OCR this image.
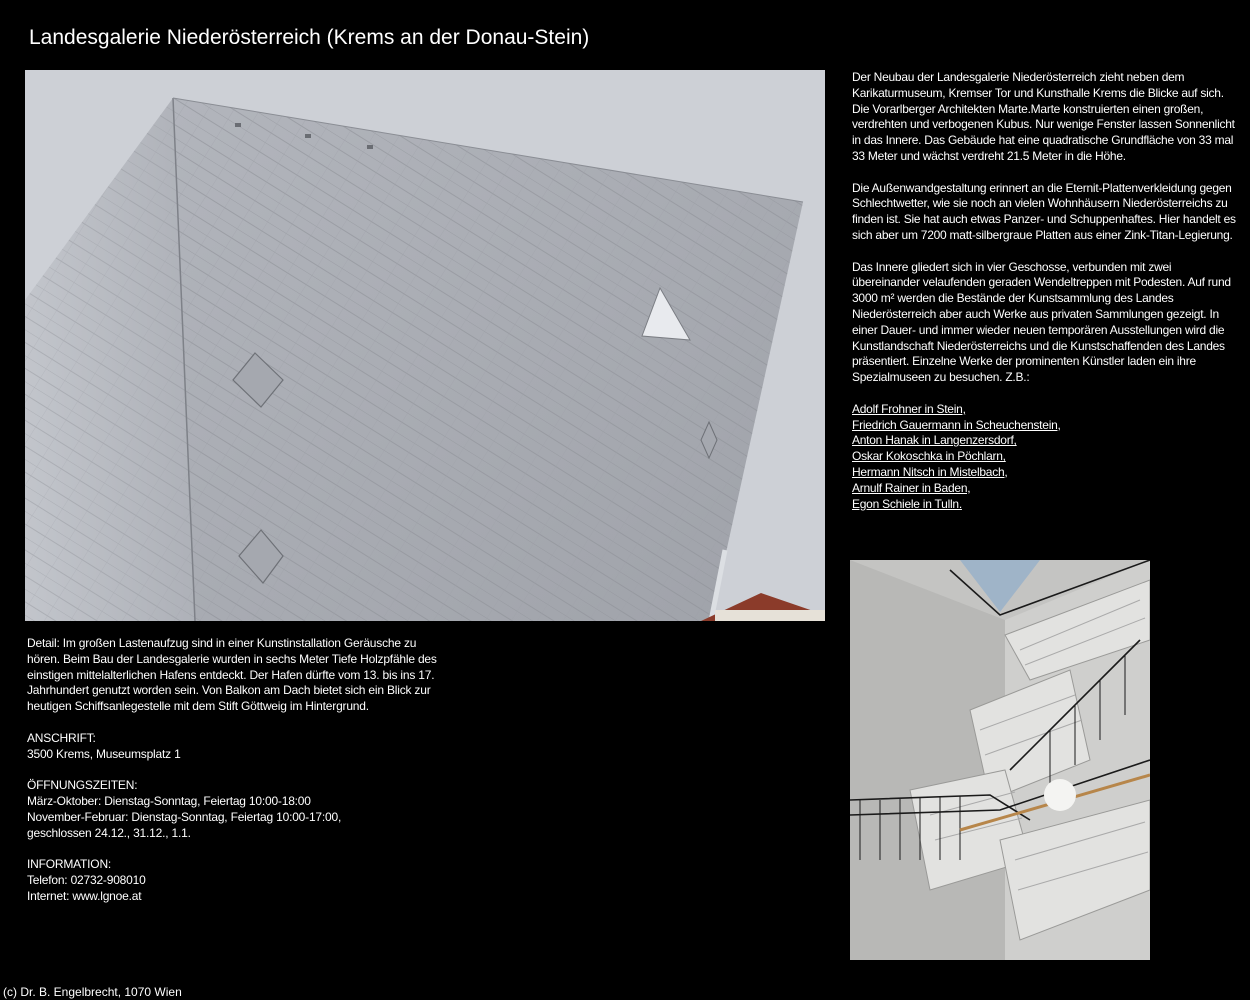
Landesgalerie Niederösterreich (Krems an der Donau-Stein)

Der Neubau der Landesgalerie Niederösterreich zieht neben dem Karikaturmuseum, Kremser Tor und Kunsthalle Krems die Blicke auf sich. Die Vorarlberger Architekten Marte.Marte konstruierten einen großen, verdrehten und verbogenen Kubus. Nur wenige Fenster lassen Sonnenlicht in das Innere. Das Gebäude hat eine quadratische Grundfläche von 33 mal 33 Meter und wächst verdreht 21.5 Meter in die Höhe.

Die Außenwandgestaltung erinnert an die Eternit-Plattenverkleidung gegen Schlechtwetter, wie sie noch an vielen Wohnhäusern Niederösterreichs zu finden ist. Sie hat auch etwas Panzer- und Schuppenhaftes. Hier handelt es sich aber um 7200 matt-silbergraue Platten aus einer Zink-Titan-Legierung.

Das Innere gliedert sich in vier Geschosse, verbunden mit zwei übereinander velaufenden geraden Wendeltreppen mit Podesten. Auf rund 3000 m² werden die Bestände der Kunstsammlung des Landes Niederösterreich aber auch Werke aus privaten Sammlungen gezeigt. In einer Dauer- und immer wieder neuen temporären Ausstellungen wird die Kunstlandschaft Niederösterreichs und die Kunstschaffenden des Landes präsentiert. Einzelne Werke der prominenten Künstler laden ein ihre Spezialmuseen zu besuchen. Z.B.:

Adolf Frohner in Stein,
Friedrich Gauermann in Scheuchenstein,
Anton Hanak in Langenzersdorf,
Oskar Kokoschka in Pöchlarn,
Hermann Nitsch in Mistelbach,
Arnulf Rainer in Baden,
Egon Schiele in Tulln.

Detail: Im großen Lastenaufzug sind in einer Kunstinstallation Geräusche zu hören. Beim Bau der Landesgalerie wurden in sechs Meter Tiefe Holzpfähle des einstigen mittelalterlichen Hafens entdeckt. Der Hafen dürfte vom 13. bis ins 17. Jahrhundert genutzt worden sein. Von Balkon am Dach bietet sich ein Blick zur heutigen Schiffsanlegestelle mit dem Stift Göttweig im Hintergrund.

ANSCHRIFT:
3500 Krems, Museumsplatz 1

ÖFFNUNGSZEITEN:
März-Oktober: Dienstag-Sonntag, Feiertag 10:00-18:00
November-Februar: Dienstag-Sonntag, Feiertag 10:00-17:00,
geschlossen 24.12., 31.12., 1.1.

INFORMATION:
Telefon: 02732-908010
Internet: www.lgnoe.at

(c) Dr. B. Engelbrecht, 1070 Wien
